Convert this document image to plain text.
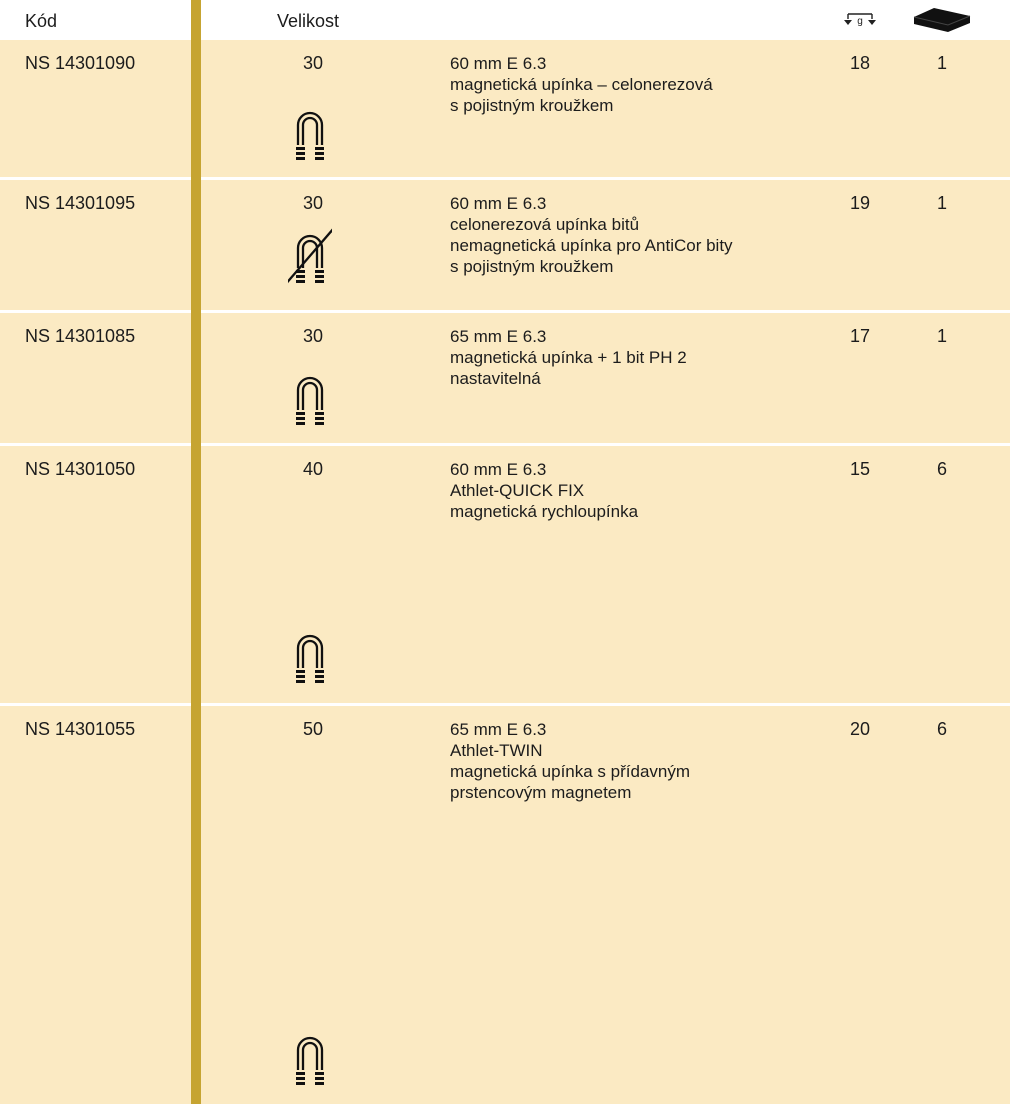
Kód	Velikost	g
NS 14301090	30	60 mm E 6.3
magnetická upínka – celonerezová
s pojistným kroužkem
18	1
NS 14301095	30	60 mm E 6.3
celonerezová upínka bitů
nemagnetická upínka pro AntiCor bity
s pojistným kroužkem
19	1
NS 14301085	30	65 mm E 6.3
magnetická upínka + 1 bit PH 2
nastavitelná
17	1
NS 14301050	40	60 mm E 6.3
Athlet-QUICK FIX
magnetická rychloupínka
15	6
NS 14301055	50	65 mm E 6.3
Athlet-TWIN
magnetická upínka s přídavným
prstencovým magnetem
20	6
